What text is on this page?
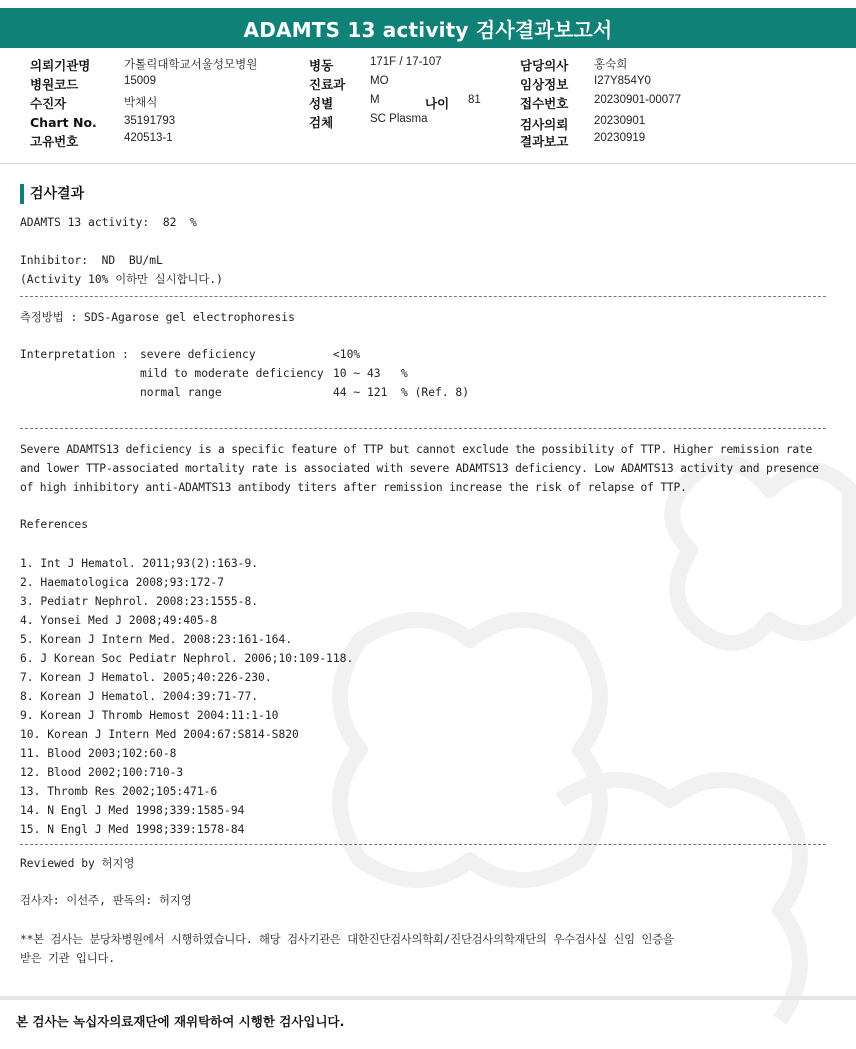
ADAMTS 13 activity 검사결과보고서
의뢰기관명	가톨릭대학교서울성모병원
병원코드	15009
수진자	박채식
Chart No. 35191793
고유번호	420513-1
병동	171F / 17-107
진료과 MO
성별	M	나이 81
검체	SC Plasma
담당의사 홍숙희
임상정보 I27Y854Y0
접수번호 20230901-00077
검사의뢰 20230901
결과보고 20230919
검사결과
ADAMTS 13 activity:  82  %
Inhibitor:  ND  BU/mL
(Activity 10% 이하만 실시합니다.)
측정방법 : SDS-Agarose gel electrophoresis
Interpretation : severe deficiency	<10%
mild to moderate deficiency 10 ~ 43   %
normal range	44 ~ 121  % (Ref. 8)
Severe ADAMTS13 deficiency is a specific feature of TTP but cannot exclude the possibility of TTP. Higher remission rate
and lower TTP-associated mortality rate is associated with severe ADAMTS13 deficiency. Low ADAMTS13 activity and presence
of high inhibitory anti-ADAMTS13 antibody titers after remission increase the risk of relapse of TTP.
References
1. Int J Hematol. 2011;93(2):163-9.
2. Haematologica 2008;93:172-7
3. Pediatr Nephrol. 2008:23:1555-8.
4. Yonsei Med J 2008;49:405-8
5. Korean J Intern Med. 2008:23:161-164.
6. J Korean Soc Pediatr Nephrol. 2006;10:109-118.
7. Korean J Hematol. 2005;40:226-230.
8. Korean J Hematol. 2004:39:71-77.
9. Korean J Thromb Hemost 2004:11:1-10
10. Korean J Intern Med 2004:67:S814-S820
11. Blood 2003;102:60-8
12. Blood 2002;100:710-3
13. Thromb Res 2002;105:471-6
14. N Engl J Med 1998;339:1585-94
15. N Engl J Med 1998;339:1578-84
Reviewed by 허지영
검사자: 이선주, 판독의: 허지영
**본 검사는 분당차병원에서 시행하였습니다. 해당 검사기관은 대한진단검사의학회/진단검사의학재단의 우수검사실 신임 인증을
받은 기관 입니다.
본 검사는 녹십자의료재단에 재위탁하여 시행한 검사입니다.
